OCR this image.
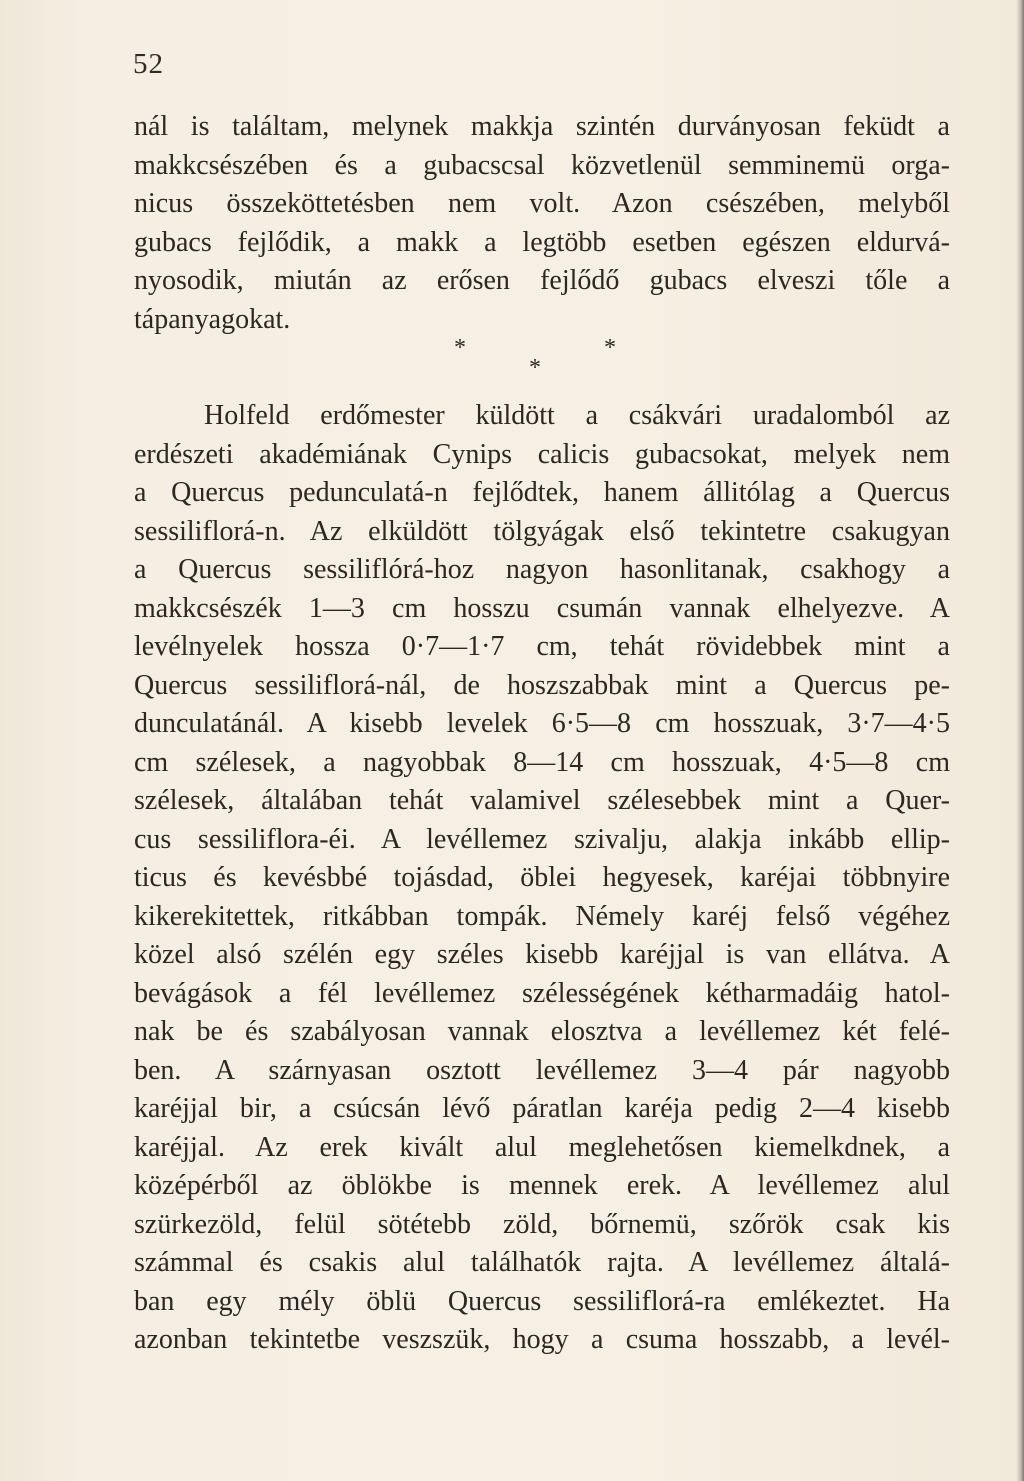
52
nál is találtam, melynek makkja szintén durványosan feküdt a
makkcsészében és a gubacscsal közvetlenül semminemü orga-
nicus összeköttetésben nem volt. Azon csészében, melyből
gubacs fejlődik, a makk a legtöbb esetben egészen eldurvá-
nyosodik, miután az erősen fejlődő gubacs elveszi tőle a
tápanyagokat.
*	*
*
Holfeld erdőmester küldött a csákvári uradalomból az
erdészeti akadémiának Cynips calicis gubacsokat, melyek nem
a Quercus pedunculatá-n fejlődtek, hanem állitólag a Quercus
sessiliflorá-n. Az elküldött tölgyágak első tekintetre csakugyan
a Quercus sessiliflórá-hoz nagyon hasonlitanak, csakhogy a
makkcsészék 1—3 cm hosszu csumán vannak elhelyezve. A
levélnyelek hossza 0·7—1·7 cm, tehát rövidebbek mint a
Quercus sessiliflorá-nál, de hoszszabbak mint a Quercus pe-
dunculatánál. A kisebb levelek 6·5—8 cm hosszuak, 3·7—4·5
cm szélesek, a nagyobbak 8—14 cm hosszuak, 4·5—8 cm
szélesek, általában tehát valamivel szélesebbek mint a Quer-
cus sessiliflora-éi. A levéllemez szivalju, alakja inkább ellip-
ticus és kevésbbé tojásdad, öblei hegyesek, karéjai többnyire
kikerekitettek, ritkábban tompák. Némely karéj felső végéhez
közel alsó szélén egy széles kisebb karéjjal is van ellátva. A
bevágások a fél levéllemez szélességének kétharmadáig hatol-
nak be és szabályosan vannak elosztva a levéllemez két felé-
ben. A szárnyasan osztott levéllemez 3—4 pár nagyobb
karéjjal bir, a csúcsán lévő páratlan karéja pedig 2—4 kisebb
karéjjal. Az erek kivált alul meglehetősen kiemelkdnek, a
középérből az öblökbe is mennek erek. A levéllemez alul
szürkezöld, felül sötétebb zöld, bőrnemü, szőrök csak kis
számmal és csakis alul találhatók rajta. A levéllemez általá-
ban egy mély öblü Quercus sessiliflorá-ra emlékeztet. Ha
azonban tekintetbe veszszük, hogy a csuma hosszabb, a levél-
